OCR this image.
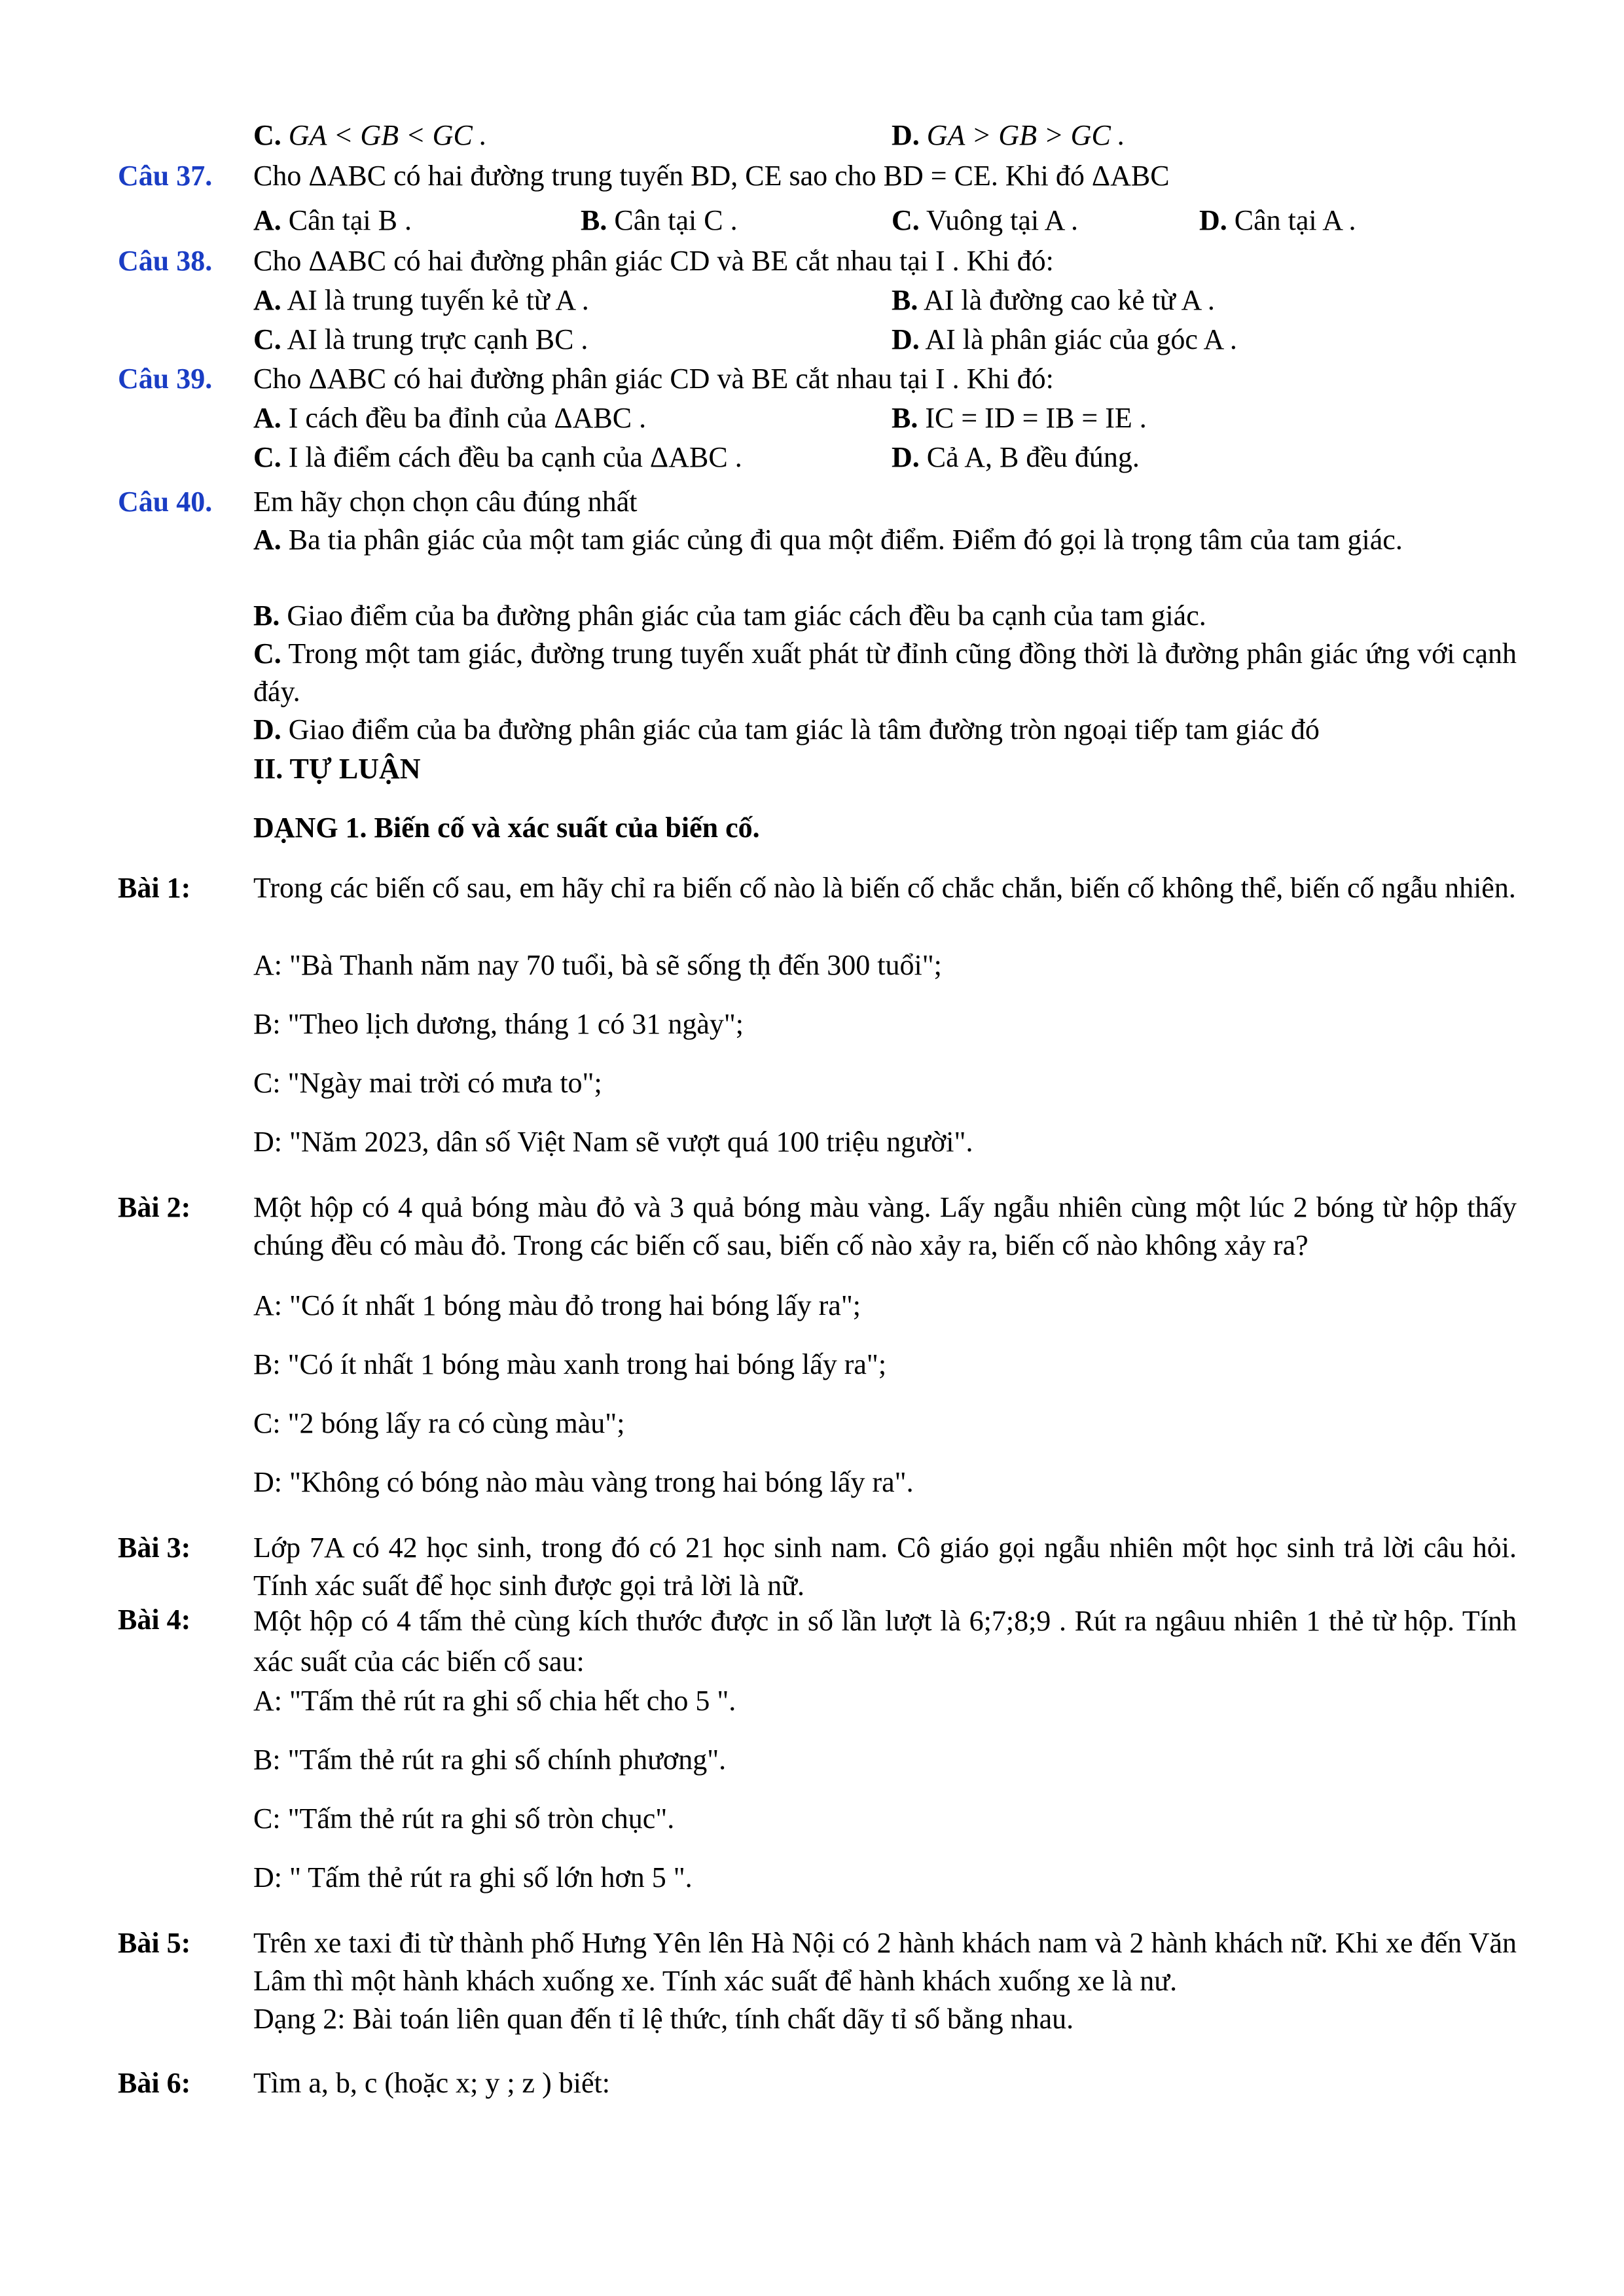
C. GA < GB < GC .	D. GA > GB > GC .
Câu 37. Cho ΔABC có hai đường trung tuyến BD, CE sao cho BD = CE. Khi đó ΔABC
A. Cân tại B .	B. Cân tại C .	C. Vuông tại A .	D. Cân tại A .
Câu 38. Cho ΔABC có hai đường phân giác CD và BE cắt nhau tại I . Khi đó:
A. AI là trung tuyến kẻ từ A .	B. AI là đường cao kẻ từ A .
C. AI là trung trực cạnh BC .	D. AI là phân giác của góc A .
Câu 39. Cho ΔABC có hai đường phân giác CD và BE cắt nhau tại I . Khi đó:
A. I cách đều ba đỉnh của ΔABC .	B. IC = ID = IB = IE .
C. I là điểm cách đều ba cạnh của ΔABC .	D. Cả A, B đều đúng.
Câu 40. Em hãy chọn chọn câu đúng nhất
A. Ba tia phân giác của một tam giác củng đi qua một điểm. Điểm đó gọi là trọng tâm của tam giác.
B. Giao điểm của ba đường phân giác của tam giác cách đều ba cạnh của tam giác.
C. Trong một tam giác, đường trung tuyến xuất phát từ đỉnh cũng đồng thời là đường phân giác ứng với cạnh đáy.
D. Giao điểm của ba đường phân giác của tam giác là tâm đường tròn ngoại tiếp tam giác đó
II. TỰ LUẬN
DẠNG 1. Biến cố và xác suất của biến cố.
Bài 1: Trong các biến cố sau, em hãy chỉ ra biến cố nào là biến cố chắc chắn, biến cố không thể, biến cố ngẫu nhiên.
A: "Bà Thanh năm nay 70 tuổi, bà sẽ sống tḥ đến 300 tuổi";
B: "Theo lịch dương, tháng 1 có 31 ngày";
C: "Ngày mai trời có mưa to";
D: "Năm 2023, dân số Việt Nam sẽ vượt quá 100 triệu người".
Bài 2: Một hộp có 4 quả bóng màu đỏ và 3 quả bóng màu vàng. Lấy ngẫu nhiên cùng một lúc 2 bóng từ hộp thấy chúng đều có màu đỏ. Trong các biến cố sau, biến cố nào xảy ra, biến cố nào không xảy ra?
A: "Có ít nhất 1 bóng màu đỏ trong hai bóng lấy ra";
B: "Có ít nhất 1 bóng màu xanh trong hai bóng lấy ra";
C: "2 bóng lấy ra có cùng màu";
D: "Không có bóng nào màu vàng trong hai bóng lấy ra".
Bài 3: Lớp 7A có 42 học sinh, trong đó có 21 học sinh nam. Cô giáo gọi ngẫu nhiên một học sinh trả lời câu hỏi. Tính xác suất để học sinh được gọi trả lời là nữ.
Bài 4: Một hộp có 4 tấm thẻ cùng kích thước được in số lần lượt là 6;7;8;9 . Rút ra ngâuu nhiên 1 thẻ từ hộp. Tính xác suất của các biến cố sau:
A: "Tấm thẻ rút ra ghi số chia hết cho 5 ".
B: "Tấm thẻ rút ra ghi số chính phương".
C: "Tấm thẻ rút ra ghi số tròn chục".
D: " Tấm thẻ rút ra ghi số lớn hơn 5 ".
Bài 5: Trên xe taxi đi từ thành phố Hưng Yên lên Hà Nội có 2 hành khách nam và 2 hành khách nữ. Khi xe đến Văn Lâm thì một hành khách xuống xe. Tính xác suất để hành khách xuống xe là nư.
Dạng 2: Bài toán liên quan đến tỉ lệ thức, tính chất dãy tỉ số bằng nhau.
Bài 6: Tìm a, b, c (hoặc x; y ; z ) biết:
